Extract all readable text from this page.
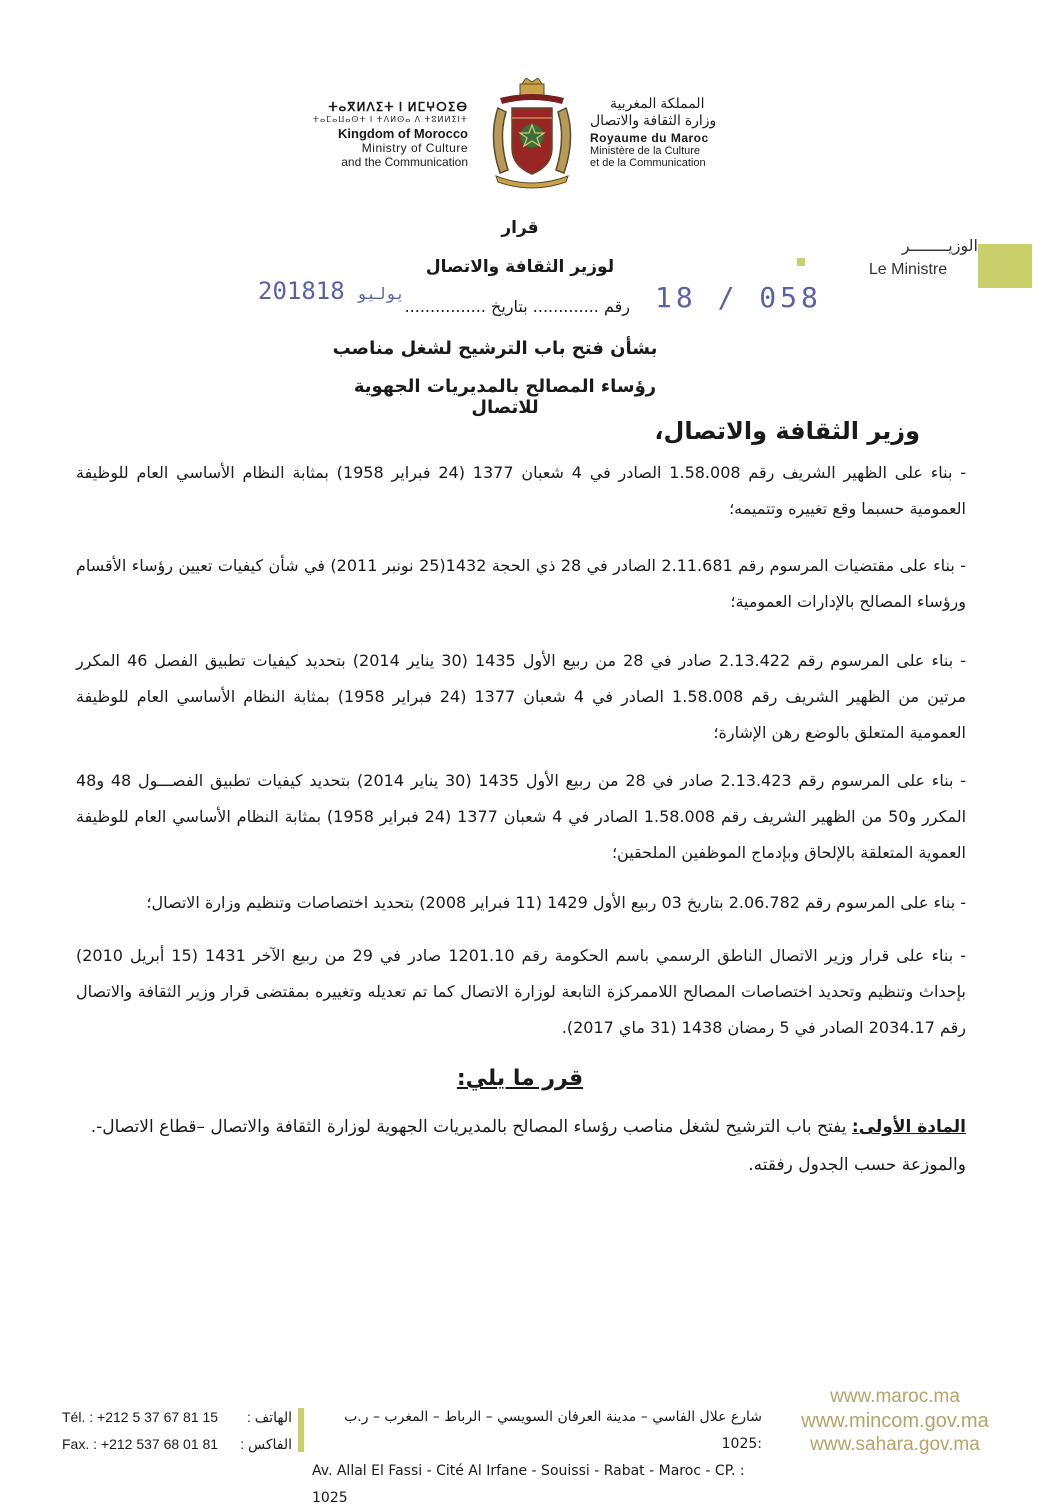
ⵜⴰⴳⵍⴷⵉⵜ ⵏ ⵍⵎⵖⵔⵉⴱ
ⵜⴰⵎⴰⵡⴰⵙⵜ ⵏ ⵜⴷⵍⵙⴰ ⴷ ⵜⵓⵍⵍⵉⵏⵜ
Kingdom of Morocco
Ministry of Culture
and the Communication
المملكة المغربية
وزارة الثقافة والاتصال
Royaume du Maroc
Ministère de la Culture
et de la Communication
الوزيــــــــر
Le Ministre
قرار
لوزير الثقافة والاتصال
2018	يوليو18
رقم ............. بتاريخ ................ 18 / 058
بشأن فتح باب الترشيح لشغل مناصب
رؤساء المصالح بالمديريات الجهوية للاتصال
وزير الثقافة والاتصال،
- بناء على الظهير الشريف رقم 1.58.008 الصادر في 4 شعبان 1377 (24 فبراير 1958) بمثابة النظام الأساسي العام للوظيفة العمومية حسبما وقع تغييره وتتميمه؛
- بناء على مقتضيات المرسوم رقم 2.11.681 الصادر في 28 ذي الحجة 1432(25 نونبر 2011) في شأن كيفيات تعيين رؤساء الأقسام ورؤساء المصالح بالإدارات العمومية؛
- بناء على المرسوم رقم 2.13.422 صادر في 28 من ربيع الأول 1435 (30 يناير 2014) بتحديد كيفيات تطبيق الفصل 46 المكرر مرتين من الظهير الشريف رقم 1.58.008 الصادر في 4 شعبان 1377 (24 فبراير 1958) بمثابة النظام الأساسي العام للوظيفة العمومية المتعلق بالوضع رهن الإشارة؛
- بناء على المرسوم رقم 2.13.423 صادر في 28 من ربيع الأول 1435 (30 يناير 2014) بتحديد كيفيات تطبيق الفصـــول 48 و48 المكرر و50 من الظهير الشريف رقم 1.58.008 الصادر في 4 شعبان 1377 (24 فبراير 1958) بمثابة النظام الأساسي العام للوظيفة العموية المتعلقة بالإلحاق وبإدماج الموظفين الملحقين؛
- بناء على المرسوم رقم 2.06.782 بتاريخ 03 ربيع الأول 1429 (11 فبراير 2008) بتحديد اختصاصات وتنظيم وزارة الاتصال؛
- بناء على قرار وزير الاتصال الناطق الرسمي باسم الحكومة رقم 1201.10 صادر في 29 من ربيع الآخر 1431 (15 أبريل 2010) بإحداث وتنظيم وتحديد اختصاصات المصالح اللاممركزة التابعة لوزارة الاتصال كما تم تعديله وتغييره بمقتضى قرار وزير الثقافة والاتصال رقم 2034.17 الصادر في 5 رمضان 1438 (31 ماي 2017).
قرر ما يلي:
المادة الأولى: يفتح باب الترشيح لشغل مناصب رؤساء المصالح بالمديريات الجهوية لوزارة الثقافة والاتصال –قطاع الاتصال-. والموزعة حسب الجدول رفقته.
Tél. : +212 5 37 67 81 15 الهاتف :
Fax. : +212 537 68 01 81 الفاكس :
شارع علال الفاسي – مدينة العرفان السويسي – الرباط – المغرب – ر.ب :1025
Av. Allal El Fassi - Cité Al Irfane - Souissi - Rabat - Maroc - CP. : 1025
www.maroc.ma
www.mincom.gov.ma
www.sahara.gov.ma
